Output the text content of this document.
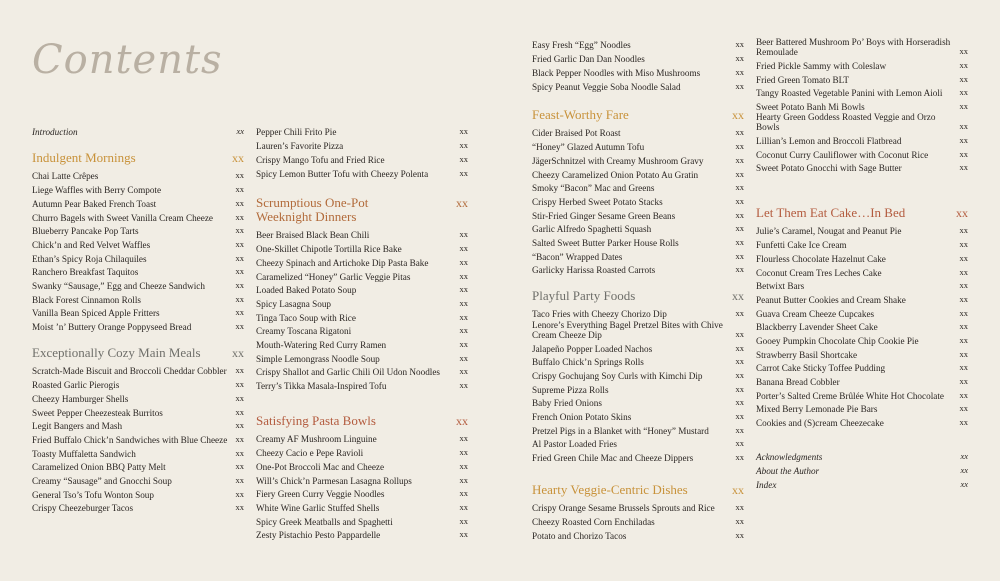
Contents
Introduction	xx
Indulgent Mornings	xx
Chai Latte Crêpes	xx
Liege Waffles with Berry Compote	xx
Autumn Pear Baked French Toast	xx
Churro Bagels with Sweet Vanilla Cream Cheeze	xx
Blueberry Pancake Pop Tarts	xx
Chick’n and Red Velvet Waffles	xx
Ethan’s Spicy Roja Chilaquiles	xx
Ranchero Breakfast Taquitos	xx
Swanky “Sausage,” Egg and Cheeze Sandwich	xx
Black Forest Cinnamon Rolls	xx
Vanilla Bean Spiced Apple Fritters	xx
Moist ’n’ Buttery Orange Poppyseed Bread	xx
Exceptionally Cozy Main Meals	xx
Scratch-Made Biscuit and Broccoli Cheddar Cobbler xx
Roasted Garlic Pierogis	xx
Cheezy Hamburger Shells	xx
Sweet Pepper Cheezesteak Burritos	xx
Legit Bangers and Mash	xx
Fried Buffalo Chick’n Sandwiches with Blue Cheeze xx
Toasty Muffaletta Sandwich	xx
Caramelized Onion BBQ Patty Melt	xx
Creamy “Sausage” and Gnocchi Soup	xx
General Tso’s Tofu Wonton Soup	xx
Crispy Cheezeburger Tacos	xx
Pepper Chili Frito Pie	xx
Lauren’s Favorite Pizza	xx
Crispy Mango Tofu and Fried Rice	xx
Spicy Lemon Butter Tofu with Cheezy Polenta	xx
Scrumptious One-Pot Weeknight Dinners
xx
Beer Braised Black Bean Chili	xx
One-Skillet Chipotle Tortilla Rice Bake	xx
Cheezy Spinach and Artichoke Dip Pasta Bake	xx
Caramelized “Honey” Garlic Veggie Pitas	xx
Loaded Baked Potato Soup	xx
Spicy Lasagna Soup	xx
Tinga Taco Soup with Rice	xx
Creamy Toscana Rigatoni	xx
Mouth-Watering Red Curry Ramen	xx
Simple Lemongrass Noodle Soup	xx
Crispy Shallot and Garlic Chili Oil Udon Noodles	xx
Terry’s Tikka Masala-Inspired Tofu	xx
Satisfying Pasta Bowls	xx
Creamy AF Mushroom Linguine	xx
Cheezy Cacio e Pepe Ravioli	xx
One-Pot Broccoli Mac and Cheeze	xx
Will’s Chick’n Parmesan Lasagna Rollups	xx
Fiery Green Curry Veggie Noodles	xx
White Wine Garlic Stuffed Shells	xx
Spicy Greek Meatballs and Spaghetti	xx
Zesty Pistachio Pesto Pappardelle	xx
Easy Fresh “Egg” Noodles	xx
Fried Garlic Dan Dan Noodles	xx
Black Pepper Noodles with Miso Mushrooms	xx
Spicy Peanut Veggie Soba Noodle Salad	xx
Feast-Worthy Fare	xx
Cider Braised Pot Roast	xx
“Honey” Glazed Autumn Tofu	xx
JägerSchnitzel with Creamy Mushroom Gravy	xx
Cheezy Caramelized Onion Potato Au Gratin	xx
Smoky “Bacon” Mac and Greens	xx
Crispy Herbed Sweet Potato Stacks	xx
Stir-Fried Ginger Sesame Green Beans	xx
Garlic Alfredo Spaghetti Squash	xx
Salted Sweet Butter Parker House Rolls	xx
“Bacon” Wrapped Dates	xx
Garlicky Harissa Roasted Carrots	xx
Playful Party Foods	xx
Taco Fries with Cheezy Chorizo Dip	xx
Lenore’s Everything Bagel Pretzel Bites with Chive Cream Cheeze Dip	xx
Jalapeño Popper Loaded Nachos	xx
Buffalo Chick’n Springs Rolls	xx
Crispy Gochujang Soy Curls with Kimchi Dip	xx
Supreme Pizza Rolls	xx
Baby Fried Onions	xx
French Onion Potato Skins	xx
Pretzel Pigs in a Blanket with “Honey” Mustard	xx
Al Pastor Loaded Fries	xx
Fried Green Chile Mac and Cheeze Dippers	xx
Hearty Veggie-Centric Dishes	xx
Crispy Orange Sesame Brussels Sprouts and Rice	xx
Cheezy Roasted Corn Enchiladas	xx
Potato and Chorizo Tacos	xx
Beer Battered Mushroom Po’ Boys with Horseradish Remoulade	xx
Fried Pickle Sammy with Coleslaw	xx
Fried Green Tomato BLT	xx
Tangy Roasted Vegetable Panini with Lemon Aioli	xx
Sweet Potato Banh Mi Bowls	xx
Hearty Green Goddess Roasted Veggie and Orzo Bowls	xx
Lillian’s Lemon and Broccoli Flatbread	xx
Coconut Curry Cauliflower with Coconut Rice	xx
Sweet Potato Gnocchi with Sage Butter	xx
Let Them Eat Cake…In Bed	xx
Julie’s Caramel, Nougat and Peanut Pie	xx
Funfetti Cake Ice Cream	xx
Flourless Chocolate Hazelnut Cake	xx
Coconut Cream Tres Leches Cake	xx
Betwixt Bars	xx
Peanut Butter Cookies and Cream Shake	xx
Guava Cream Cheeze Cupcakes	xx
Blackberry Lavender Sheet Cake	xx
Gooey Pumpkin Chocolate Chip Cookie Pie	xx
Strawberry Basil Shortcake	xx
Carrot Cake Sticky Toffee Pudding	xx
Banana Bread Cobbler	xx
Porter’s Salted Creme Brûlée White Hot Chocolate	xx
Mixed Berry Lemonade Pie Bars	xx
Cookies and (S)cream Cheezecake	xx
Acknowledgments	xx
About the Author	xx
Index	xx
